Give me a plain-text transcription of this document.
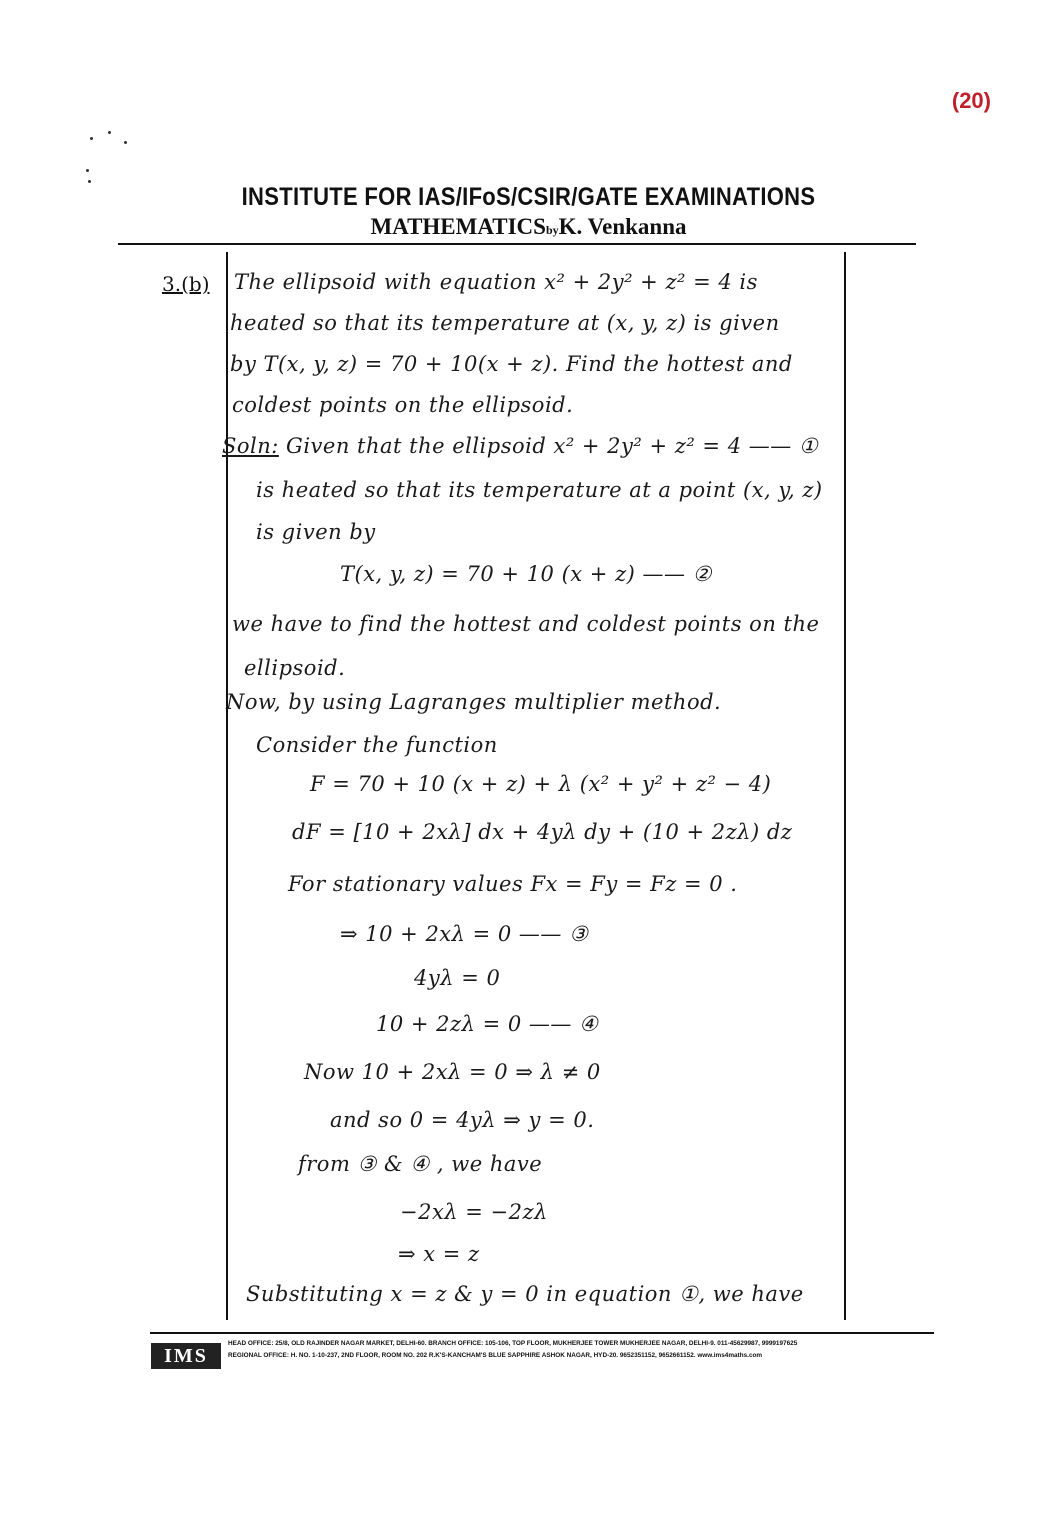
(20)
INSTITUTE FOR IAS/IFoS/CSIR/GATE EXAMINATIONS
MATHEMATICSbyK. Venkanna
3.(b) The ellipsoid with equation x² + 2y² + z² = 4 is
heated so that its temperature at (x, y, z) is given
by T(x, y, z) = 70 + 10(x + z). Find the hottest and
coldest points on the ellipsoid.
Soln: Given that the ellipsoid x² + 2y² + z² = 4 —— ①
is heated so that its temperature at a point (x, y, z)
is given by
T(x, y, z) = 70 + 10 (x + z) —— ②
we have to find the hottest and coldest points on the
ellipsoid.
Now, by using Lagranges multiplier method.
Consider the function
F = 70 + 10 (x + z) + λ (x² + y² + z² − 4)
dF = [10 + 2xλ] dx + 4yλ dy + (10 + 2zλ) dz
For stationary values Fx = Fy = Fz = 0 .
⇒ 10 + 2xλ = 0 —— ③
4yλ = 0
10 + 2zλ = 0 —— ④
Now 10 + 2xλ = 0 ⇒ λ ≠ 0
and so 0 = 4yλ ⇒ y = 0.
from ③ & ④ , we have
−2xλ = −2zλ
⇒ x = z
Substituting x = z & y = 0 in equation ①, we have
IMS
HEAD OFFICE: 25/8, OLD RAJINDER NAGAR MARKET, DELHI-60. BRANCH OFFICE: 105-106, TOP FLOOR, MUKHERJEE TOWER MUKHERJEE NAGAR, DELHI-9. 011-45629987, 9999197625
REGIONAL OFFICE: H. NO. 1-10-237, 2ND FLOOR, ROOM NO. 202 R.K'S-KANCHAM'S BLUE SAPPHIRE ASHOK NAGAR, HYD-20. 9652351152, 9652661152. www.ims4maths.com
